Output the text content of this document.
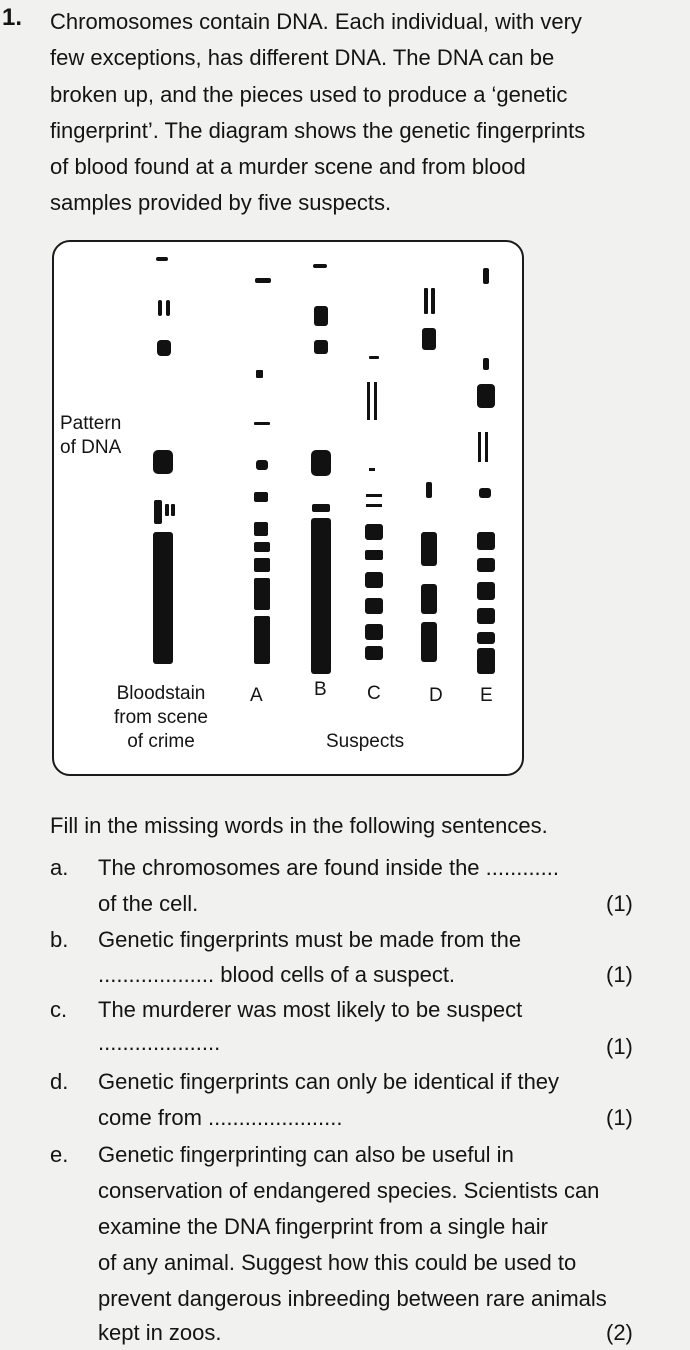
1. Chromosomes contain DNA. Each individual, with very
few exceptions, has different DNA. The DNA can be
broken up, and the pieces used to produce a ‘genetic
fingerprint’. The diagram shows the genetic fingerprints
of blood found at a murder scene and from blood
samples provided by five suspects.
Pattern
of DNA
Bloodstain
from scene
of crime
A	B C	D E
Suspects
Fill in the missing words in the following sentences.
a. The chromosomes are found inside the ............
of the cell.	(1)
b. Genetic fingerprints must be made from the
................... blood cells of a suspect.	(1)
c. The murderer was most likely to be suspect
....................	(1)
d. Genetic fingerprints can only be identical if they
come from ......................	(1)
e. Genetic fingerprinting can also be useful in
conservation of endangered species. Scientists can
examine the DNA fingerprint from a single hair
of any animal. Suggest how this could be used to
prevent dangerous inbreeding between rare animals
kept in zoos.	(2)
